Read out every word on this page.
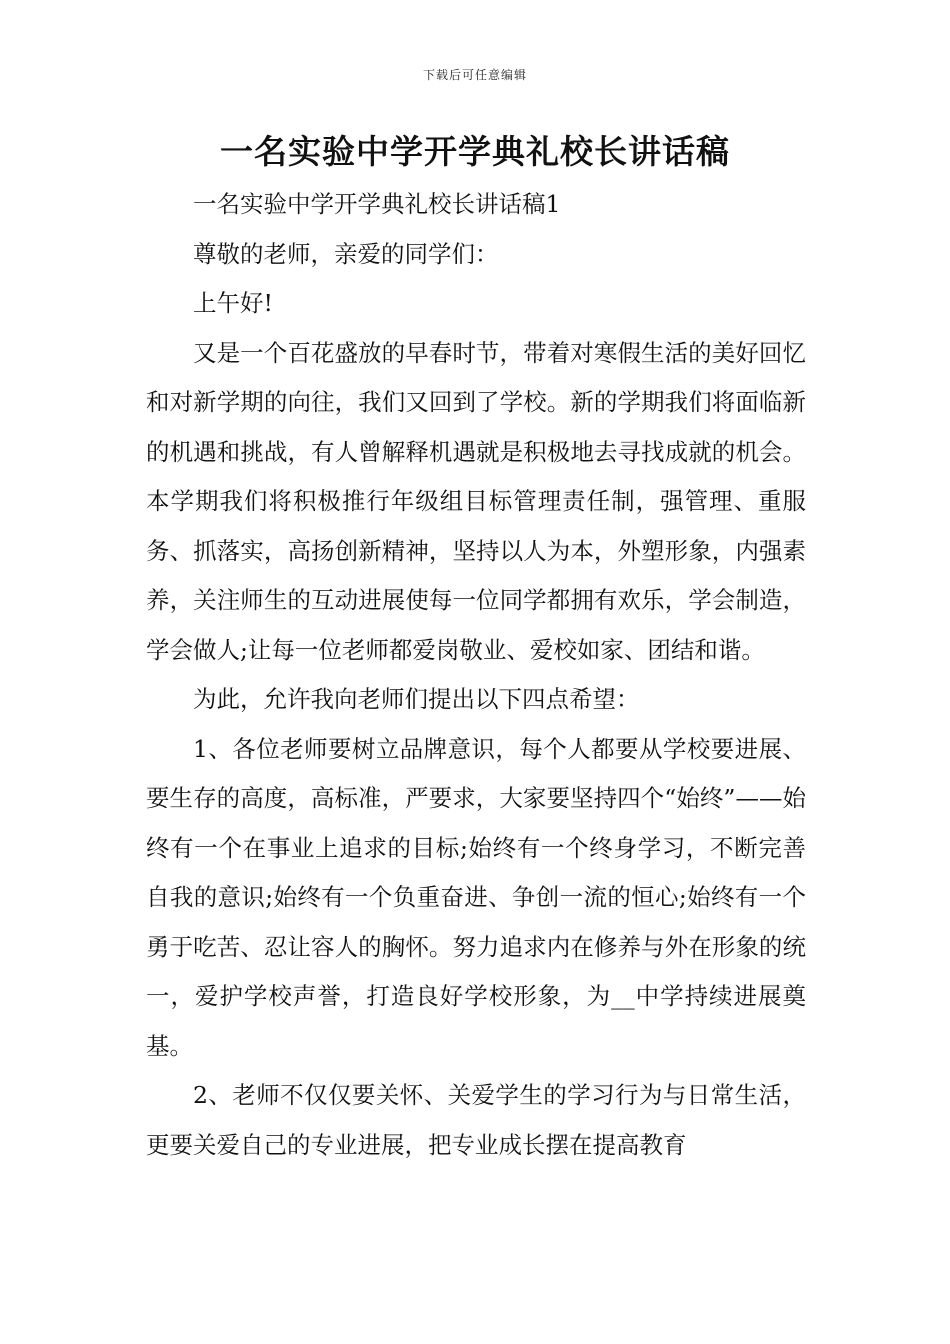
下载后可任意编辑
一名实验中学开学典礼校长讲话稿

一名实验中学开学典礼校长讲话稿1

尊敬的老师，亲爱的同学们：

上午好!

又是一个百花盛放的早春时节，带着对寒假生活的美好回忆和对新学期的向往，我们又回到了学校。新的学期我们将面临新的机遇和挑战，有人曾解释机遇就是积极地去寻找成就的机会。本学期我们将积极推行年级组目标管理责任制，强管理、重服务、抓落实，高扬创新精神，坚持以人为本，外塑形象，内强素养，关注师生的互动进展使每一位同学都拥有欢乐，学会制造，学会做人;让每一位老师都爱岗敬业、爱校如家、团结和谐。

为此，允许我向老师们提出以下四点希望：

1、各位老师要树立品牌意识，每个人都要从学校要进展、要生存的高度，高标准，严要求，大家要坚持四个“始终”——始终有一个在事业上追求的目标;始终有一个终身学习，不断完善自我的意识;始终有一个负重奋进、争创一流的恒心;始终有一个勇于吃苦、忍让容人的胸怀。努力追求内在修养与外在形象的统一，爱护学校声誉，打造良好学校形象，为__中学持续进展奠基。

2、老师不仅仅要关怀、关爱学生的学习行为与日常生活，更要关爱自己的专业进展，把专业成长摆在提高教育
